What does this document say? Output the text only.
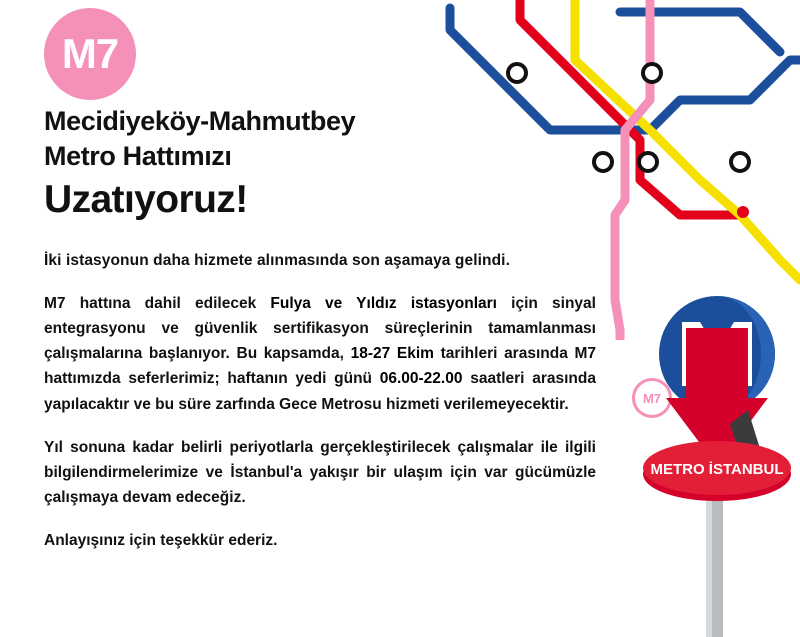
M7
Mecidiyeköy-Mahmutbey
Metro Hattımızı
Uzatıyoruz!

İki istasyonun daha hizmete alınmasında son aşamaya gelindi.

M7 hattına dahil edilecek Fulya ve Yıldız istasyonları için sinyal entegrasyonu ve güvenlik sertifikasyon süreçlerinin tamamlanması çalışmalarına başlanıyor. Bu kapsamda, 18-27 Ekim tarihleri arasında M7 hattımızda seferlerimiz; haftanın yedi günü 06.00-22.00 saatleri arasında yapılacaktır ve bu süre zarfında Gece Metrosu hizmeti verilemeyecektir.

Yıl sonuna kadar belirli periyotlarla gerçekleştirilecek çalışmalar ile ilgili bilgilendirmelerimize ve İstanbul'a yakışır bir ulaşım için var gücümüzle çalışmaya devam edeceğiz.

Anlayışınız için teşekkür ederiz.

M7
METRO İSTANBUL
